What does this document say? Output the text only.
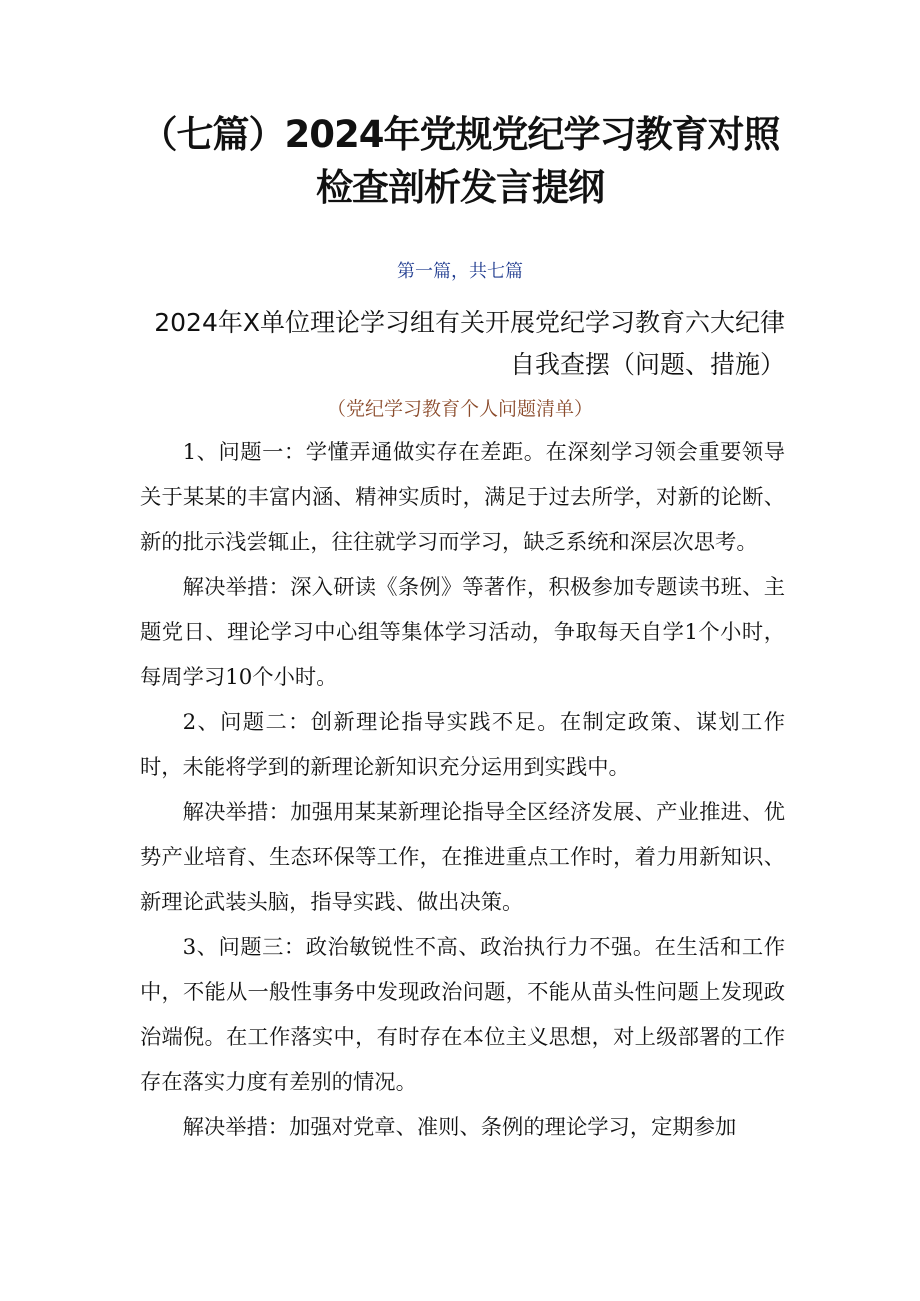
（七篇）2024年党规党纪学习教育对照检查剖析发言提纲
第一篇，共七篇
2024年X单位理论学习组有关开展党纪学习教育六大纪律自我查摆（问题、措施）
（党纪学习教育个人问题清单）

1、问题一：学懂弄通做实存在差距。在深刻学习领会重要领导关于某某的丰富内涵、精神实质时，满足于过去所学，对新的论断、新的批示浅尝辄止，往往就学习而学习，缺乏系统和深层次思考。

解决举措：深入研读《条例》等著作，积极参加专题读书班、主题党日、理论学习中心组等集体学习活动，争取每天自学1个小时，每周学习10个小时。

2、问题二：创新理论指导实践不足。在制定政策、谋划工作时，未能将学到的新理论新知识充分运用到实践中。

解决举措：加强用某某新理论指导全区经济发展、产业推进、优势产业培育、生态环保等工作，在推进重点工作时，着力用新知识、新理论武装头脑，指导实践、做出决策。

3、问题三：政治敏锐性不高、政治执行力不强。在生活和工作中，不能从一般性事务中发现政治问题，不能从苗头性问题上发现政治端倪。在工作落实中，有时存在本位主义思想，对上级部署的工作存在落实力度有差别的情况。

解决举措：加强对党章、准则、条例的理论学习，定期参加
